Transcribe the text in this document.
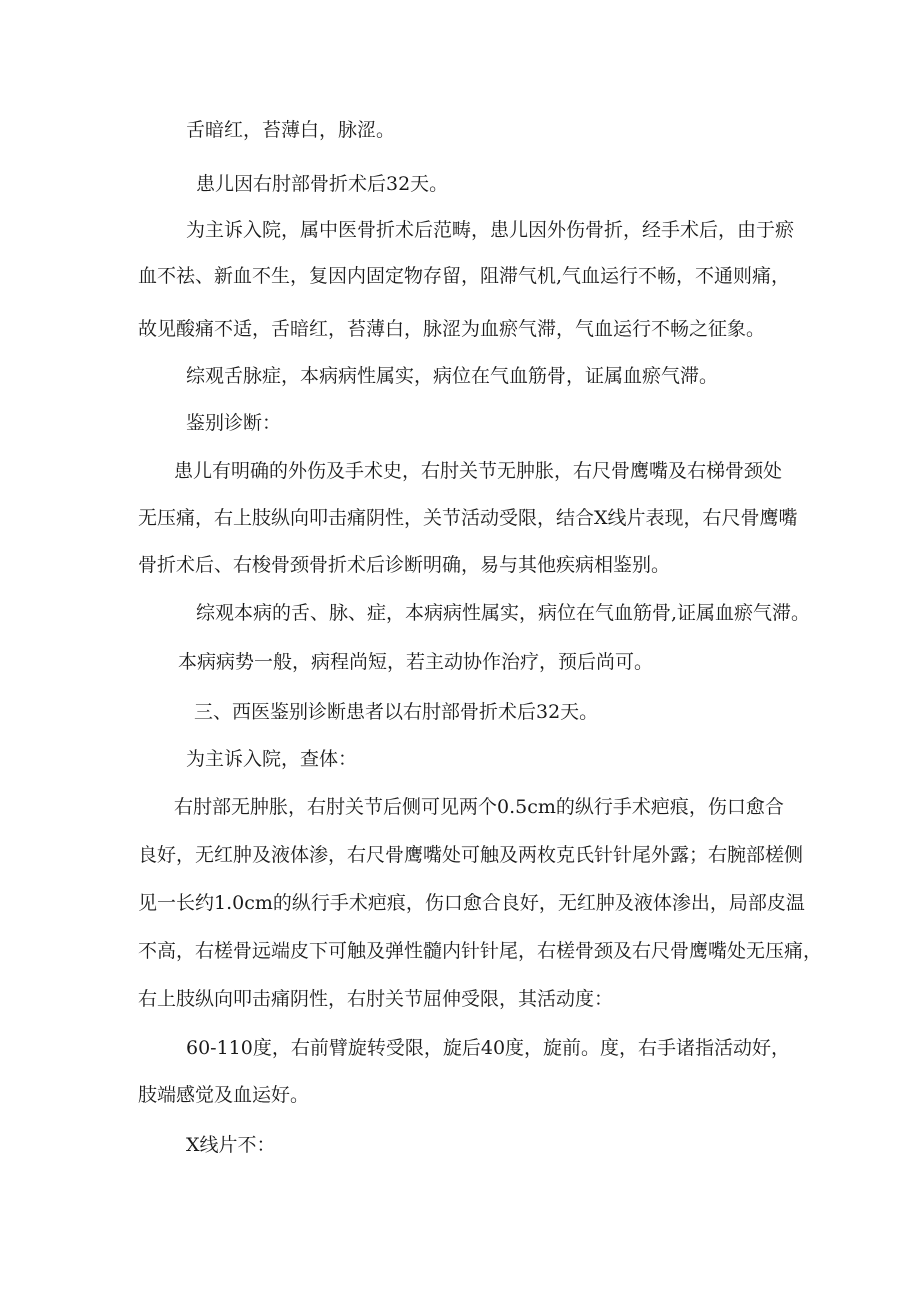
舌暗红，苔薄白，脉涩。

患儿因右肘部骨折术后32天。

为主诉入院，属中医骨折术后范畴，患儿因外伤骨折，经手术后，由于瘀

血不祛、新血不生，复因内固定物存留，阻滞气机,气血运行不畅，不通则痛，

故见酸痛不适，舌暗红，苔薄白，脉涩为血瘀气滞，气血运行不畅之征象。

综观舌脉症，本病病性属实，病位在气血筋骨，证属血瘀气滞。

鉴别诊断：

患儿有明确的外伤及手术史，右肘关节无肿胀，右尺骨鹰嘴及右梯骨颈处

无压痛，右上肢纵向叩击痛阴性，关节活动受限，结合X线片表现，右尺骨鹰嘴

骨折术后、右梭骨颈骨折术后诊断明确，易与其他疾病相鉴别。

综观本病的舌、脉、症，本病病性属实，病位在气血筋骨,证属血瘀气滞。

本病病势一般，病程尚短，若主动协作治疗，预后尚可。

三、西医鉴别诊断患者以右肘部骨折术后32天。

为主诉入院，查体：

右肘部无肿胀，右肘关节后侧可见两个0.5cm的纵行手术疤痕，伤口愈合

良好，无红肿及液体渗，右尺骨鹰嘴处可触及两枚克氏针针尾外露；右腕部槎侧

见一长约1.0cm的纵行手术疤痕，伤口愈合良好，无红肿及液体渗出，局部皮温

不高，右槎骨远端皮下可触及弹性髓内针针尾，右槎骨颈及右尺骨鹰嘴处无压痛，

右上肢纵向叩击痛阴性，右肘关节屈伸受限，其活动度：

60-110度，右前臂旋转受限，旋后40度，旋前。度，右手诸指活动好，

肢端感觉及血运好。

X线片不：
